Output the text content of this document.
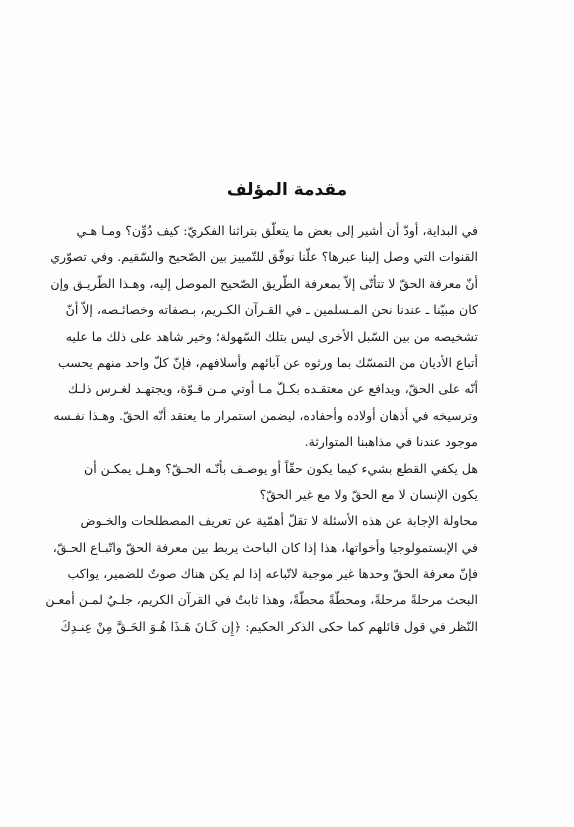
مقدمة المؤلف
في البداية، أودّ أن أشير إلى بعض ما يتعلّق بتراثنا الفكريّ: كيف دُوِّن؟ ومـا هـي
القنوات التي وصل إلينا عبرها؟ علّنا نوفّق للتّمييز بين الصّحيح والسّقيم. وفي تصوّري
أنّ معرفة الحقّ لا تتأتّى إلاّ بمعرفة الطّريق الصّحيح الموصل إليه، وهـذا الطّريـق وإن
كان مبيّنا ـ عندنا نحن المـسلمين ـ في القـرآن الكـريم، بـصفاته وخصائـصه، إلاّ أنّ
تشخيصه من بين السّبل الأخرى ليس بتلك السّهولة؛ وخير شاهد على ذلك ما عليه
أتباع الأديان من التمسّك بما ورثوه عن آبائهم وأسلافهم، فإنّ كلّ واحد منهم يحسب
أنّه على الحقّ، ويدافع عن معتقـده بكـلّ مـا أوتي مـن قـوّة، ويجتهـد لغـرس ذلـك
وترسيخه في أذهان أولاده وأحفاده، ليضمن استمرار ما يعتقد أنّه الحقّ. وهـذا نفـسه
موجود عندنا في مذاهبنا المتوارثة.
هل يكفي القطع بشيء كيما يكون حقّاً أو يوصـف بأنّـه الحـقّ؟ وهـل يمكـن أن
يكون الإنسان لا مع الحقّ ولا مع غير الحقّ؟
محاولة الإجابة عن هذه الأسئلة لا تقلّ أهمّية عن تعريف المصطلحات والخـوض
في الإبستمولوجيا وأخواتها، هذا إذا كان الباحث يربط بين معرفة الحقّ واتّبـاع الحـقّ،
فإنّ معرفة الحقّ وحدها غير موجبة لاتّباعه إذا لم يكن هناك صوتٌ للضمير، يواكب
البحث مرحلةً مرحلةً، ومحطّةً محطّةً، وهذا ثابتٌ في القرآن الكريم، جلـيٌ لمـن أمعـن
النّظر في قول قائلهم كما حكى الذكر الحكيم: ﴿إِن كَـانَ هَـذَا هُـوَ الحَـقَّ مِنْ عِنـدِكَ
